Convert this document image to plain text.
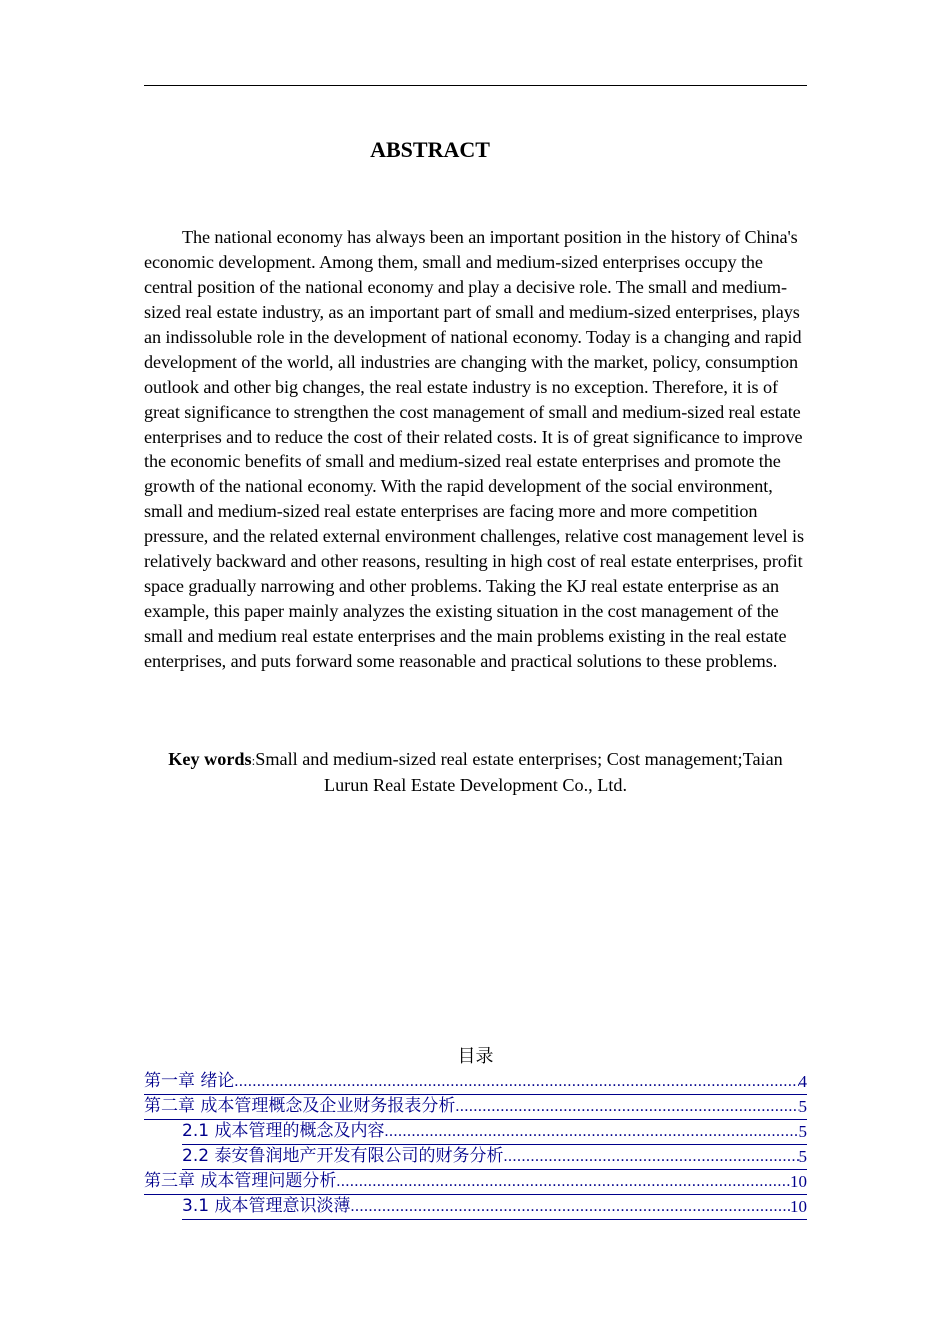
ABSTRACT

The national economy has always been an important position in the history of China's economic development. Among them, small and medium-sized enterprises occupy the central position of the national economy and play a decisive role. The small and medium-sized real estate industry, as an important part of small and medium-sized enterprises, plays an indissoluble role in the development of national economy. Today is a changing and rapid development of the world, all industries are changing with the market, policy, consumption outlook and other big changes, the real estate industry is no exception. Therefore, it is of great significance to strengthen the cost management of small and medium-sized real estate enterprises and to reduce the cost of their related costs. It is of great significance to improve the economic benefits of small and medium-sized real estate enterprises and promote the growth of the national economy. With the rapid development of the social environment, small and medium-sized real estate enterprises are facing more and more competition pressure, and the related external environment challenges, relative cost management level is relatively backward and other reasons, resulting in high cost of real estate enterprises, profit space gradually narrowing and other problems. Taking the KJ real estate enterprise as an example, this paper mainly analyzes the existing situation in the cost management of the small and medium real estate enterprises and the main problems existing in the real estate enterprises, and puts forward some reasonable and practical solutions to these problems.

Key words:Small and medium-sized real estate enterprises; Cost management;Taian Lurun Real Estate Development Co., Ltd.

目录
第一章 绪论 .....	4
第二章 成本管理概念及企业财务报表分析 .....	5
2.1 成本管理的概念及内容 .....	5
2.2 泰安鲁润地产开发有限公司的财务分析 .....	5
第三章 成本管理问题分析 .....	10
3.1 成本管理意识淡薄 .....	10
